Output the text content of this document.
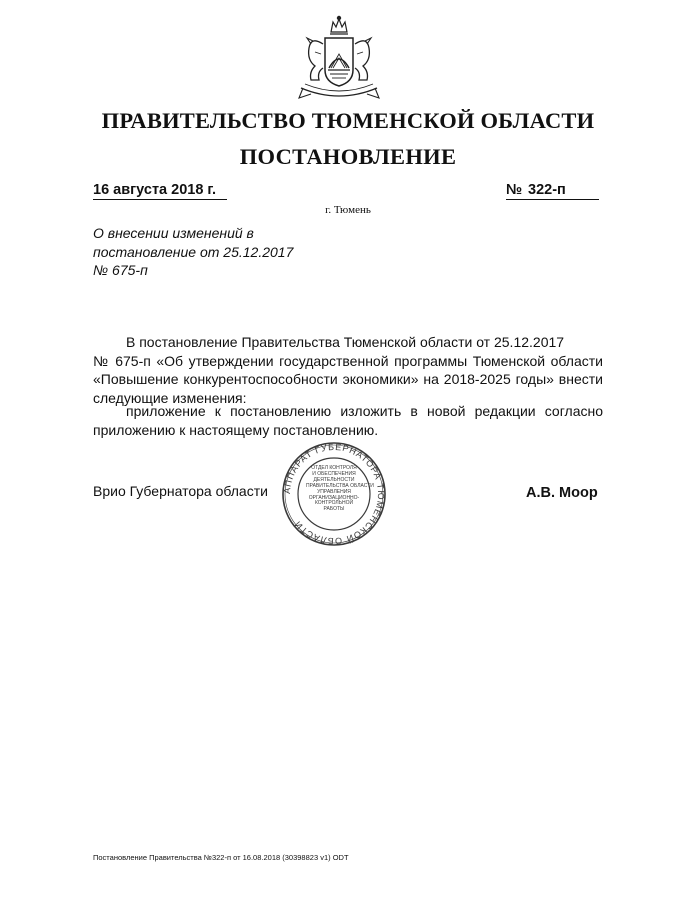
ПРАВИТЕЛЬСТВО ТЮМЕНСКОЙ ОБЛАСТИ
ПОСТАНОВЛЕНИЕ
16 августа 2018 г.	№ 322-п
г. Тюмень
О внесении изменений в
постановление от 25.12.2017
№ 675-п
В постановление Правительства Тюменской области от 25.12.2017
№ 675-п «Об утверждении государственной программы Тюменской области
«Повышение конкурентоспособности экономики» на 2018-2025 годы» внести
следующие изменения:
приложение к постановлению изложить в новой редакции согласно
приложению к настоящему постановлению.
Врио Губернатора области	А.В. Моор
АППАРАТ ГУБЕРНАТОРА ТЮМЕНСКОЙ ОБЛАСТИ
ОТДЕЛ КОНТРОЛЯ
И ОБЕСПЕЧЕНИЯ
ДЕЯТЕЛЬНОСТИ
ПРАВИТЕЛЬСТВА ОБЛАСТИ
УПРАВЛЕНИЯ
ОРГАНИЗАЦИОННО-
КОНТРОЛЬНОЙ
РАБОТЫ
Постановление Правительства №322-п от 16.08.2018 (30398823 v1) ODT
